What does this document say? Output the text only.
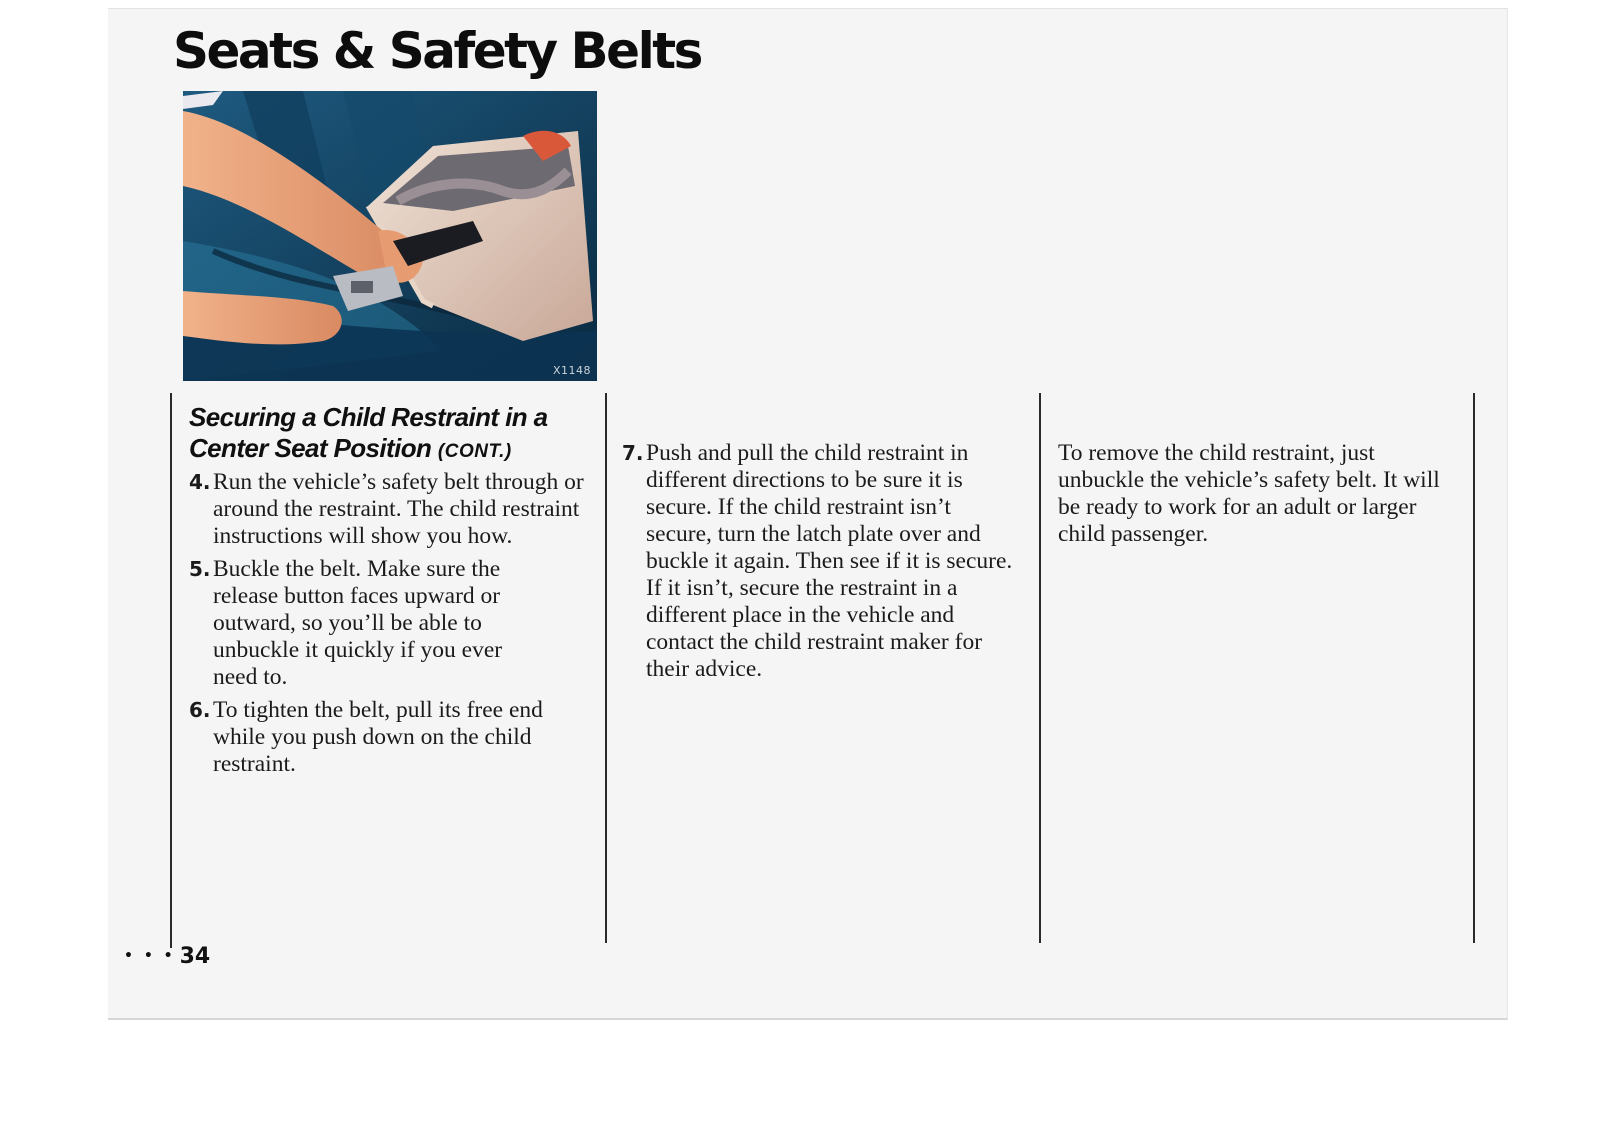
Seats & Safety Belts
X1148
Securing a Child Restraint in a Center Seat Position (CONT.)
4. Run the vehicle’s safety belt through or around the restraint. The child restraint instructions will show you how.
5. Buckle the belt. Make sure the release button faces upward or outward, so you’ll be able to unbuckle it quickly if you ever need to.
6. To tighten the belt, pull its free end while you push down on the child restraint.
7. Push and pull the child restraint in different directions to be sure it is secure. If the child restraint isn’t secure, turn the latch plate over and buckle it again. Then see if it is secure. If it isn’t, secure the restraint in a different place in the vehicle and contact the child restraint maker for their advice.

To remove the child restraint, just unbuckle the vehicle’s safety belt. It will be ready to work for an adult or larger child passenger.

• • • 34
